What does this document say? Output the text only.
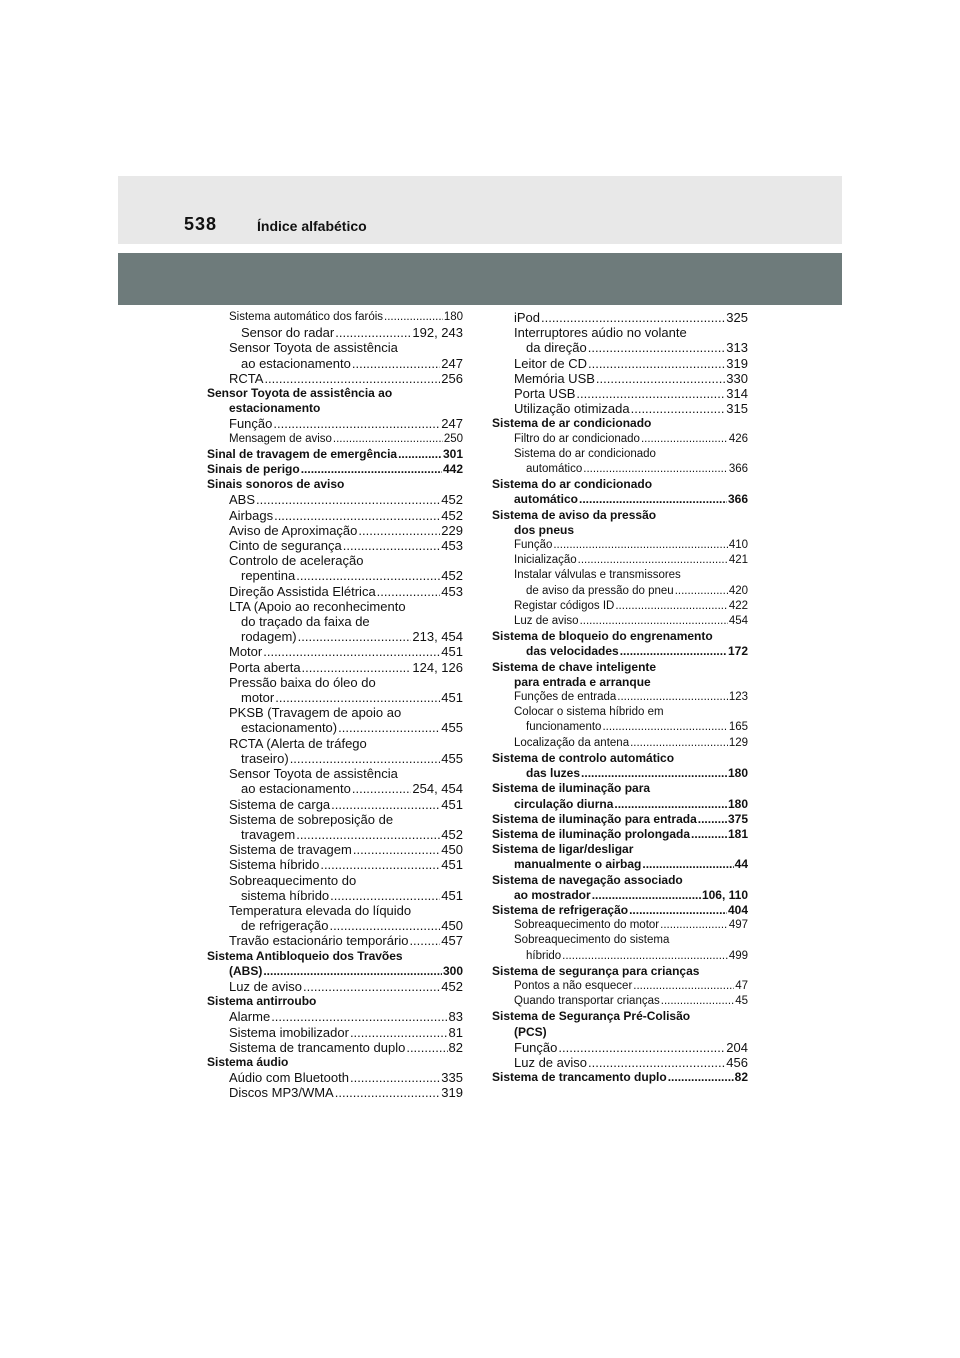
538	Índice alfabético
Sistema automático dos faróis .....	180
Sensor do radar .....	192, 243
Sensor Toyota de assistência
ao estacionamento .....	247
RCTA .....	256
Sensor Toyota de assistência ao
estacionamento
Função .....	247
Mensagem de aviso .....	250
Sinal de travagem de emergência .....	301
Sinais de perigo .....	442
Sinais sonoros de aviso
ABS .....	452
Airbags .....	452
Aviso de Aproximação .....	229
Cinto de segurança .....	453
Controlo de aceleração
repentina .....	452
Direção Assistida Elétrica .....	453
LTA (Apoio ao reconhecimento
do traçado da faixa de
rodagem) .....	213, 454
Motor .....	451
Porta aberta .....	124, 126
Pressão baixa do óleo do
motor .....	451
PKSB (Travagem de apoio ao
estacionamento) .....	455
RCTA (Alerta de tráfego
traseiro) .....	455
Sensor Toyota de assistência
ao estacionamento .....	254, 454
Sistema de carga .....	451
Sistema de sobreposição de
travagem .....	452
Sistema de travagem .....	450
Sistema híbrido .....	451
Sobreaquecimento do
sistema híbrido .....	451
Temperatura elevada do líquido
de refrigeração .....	450
Travão estacionário temporário .....	457
Sistema Antibloqueio dos Travões
(ABS) .....	300
Luz de aviso .....	452
Sistema antirroubo
Alarme .....	83
Sistema imobilizador .....	81
Sistema de trancamento duplo .....	82
Sistema áudio
Aúdio com Bluetooth .....	335
Discos MP3/WMA .....	319
iPod .....	325
Interruptores aúdio no volante
da direção .....	313
Leitor de CD .....	319
Memória USB .....	330
Porta USB .....	314
Utilização otimizada .....	315
Sistema de ar condicionado
Filtro do ar condicionado .....	426
Sistema do ar condicionado
automático .....	366
Sistema do ar condicionado
automático .....	366
Sistema de aviso da pressão
dos pneus
Função .....	410
Inicialização .....	421
Instalar válvulas e transmissores
de aviso da pressão do pneu .....	420
Registar códigos ID .....	422
Luz de aviso .....	454
Sistema de bloqueio do engrenamento
das velocidades .....	172
Sistema de chave inteligente
para entrada e arranque
Funções de entrada .....	123
Colocar o sistema híbrido em
funcionamento .....	165
Localização da antena .....	129
Sistema de controlo automático
das luzes .....	180
Sistema de iluminação para
circulação diurna .....	180
Sistema de iluminação para entrada .....	375
Sistema de iluminação prolongada .....	181
Sistema de ligar/desligar
manualmente o airbag .....	44
Sistema de navegação associado
ao mostrador .....	106, 110
Sistema de refrigeração .....	404
Sobreaquecimento do motor .....	497
Sobreaquecimento do sistema
híbrido .....	499
Sistema de segurança para crianças
Pontos a não esquecer .....	47
Quando transportar crianças .....	45
Sistema de Segurança Pré-Colisão
(PCS)
Função .....	204
Luz de aviso .....	456
Sistema de trancamento duplo .....	82
